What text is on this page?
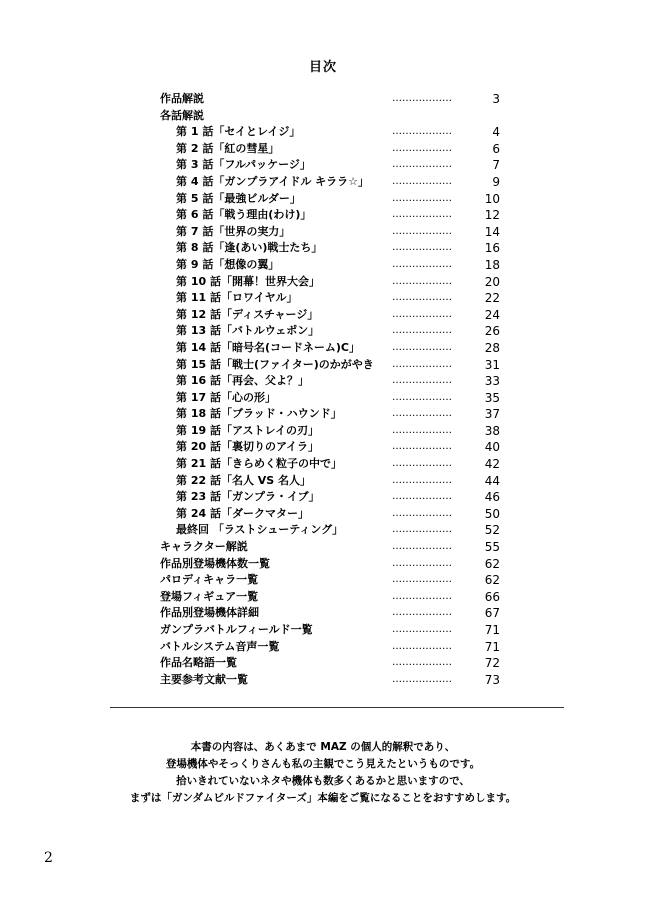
目次
作品解説	………………	3
各話解説
第 1 話「セイとレイジ」	………………	4
第 2 話「紅の彗星」	………………	6
第 3 話「フルパッケージ」	………………	7
第 4 話「ガンプラアイドル キララ☆」 ………………	9
第 5 話「最強ビルダー」	………………	10
第 6 話「戦う理由(わけ)」	………………	12
第 7 話「世界の実力」	………………	14
第 8 話「逢(あい)戦士たち」	………………	16
第 9 話「想像の翼」	………………	18
第 10 話「開幕！世界大会」	………………	20
第 11 話「ロワイヤル」	………………	22
第 12 話「ディスチャージ」	………………	24
第 13 話「バトルウェポン」	………………	26
第 14 話「暗号名(コードネーム)C」	………………	28
第 15 話「戦士(ファイター)のかがやき ………………	31
第 16 話「再会、父よ？」	………………	33
第 17 話「心の形」	………………	35
第 18 話「ブラッド・ハウンド」	………………	37
第 19 話「アストレイの刃」	………………	38
第 20 話「裏切りのアイラ」	………………	40
第 21 話「きらめく粒子の中で」	………………	42
第 22 話「名人 VS 名人」	………………	44
第 23 話「ガンプラ・イブ」	………………	46
第 24 話「ダークマター」	………………	50
最終回 「ラストシューティング」	………………	52
キャラクター解説	………………	55
作品別登場機体数一覧	………………	62
パロディキャラ一覧	………………	62
登場フィギュア一覧	………………	66
作品別登場機体詳細	………………	67
ガンプラバトルフィールド一覧	………………	71
バトルシステム音声一覧	………………	71
作品名略語一覧	………………	72
主要参考文献一覧	………………	73
本書の内容は、あくあまで MAZ の個人的解釈であり、
登場機体やそっくりさんも私の主観でこう見えたというものです。
拾いきれていないネタや機体も数多くあるかと思いますので、
まずは「ガンダムビルドファイターズ」本編をご覧になることをおすすめします。
2
